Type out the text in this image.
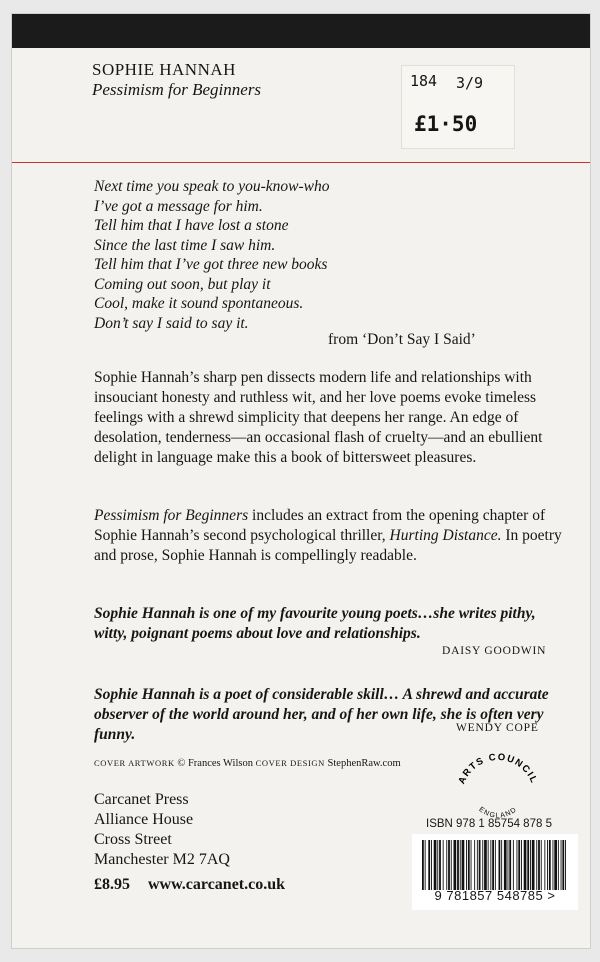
SOPHIE HANNAH
Pessimism for Beginners	184 3/9
£1·50
Next time you speak to you-know-who
I’ve got a message for him.
Tell him that I have lost a stone
Since the last time I saw him.
Tell him that I’ve got three new books
Coming out soon, but play it
Cool, make it sound spontaneous.
Don’t say I said to say it.
from ‘Don’t Say I Said’
Sophie Hannah’s sharp pen dissects modern life and relationships with insouciant honesty and ruthless wit, and her love poems evoke timeless feelings with a shrewd simplicity that deepens her range. An edge of desolation, tenderness—an occasional flash of cruelty—and an ebullient delight in language make this a book of bittersweet pleasures.
Pessimism for Beginners includes an extract from the opening chapter of Sophie Hannah’s second psychological thriller, Hurting Distance. In poetry and prose, Sophie Hannah is compellingly readable.
Sophie Hannah is one of my favourite young poets…she writes pithy, witty, poignant poems about love and relationships.
DAISY GOODWIN
Sophie Hannah is a poet of considerable skill… A shrewd and accurate observer of the world around her, and of her own life, she is often very funny.	WENDY COPE
COVER ARTWORK © Frances Wilson COVER DESIGN StephenRaw.com
Carcanet Press
Alliance House
Cross Street
Manchester M2 7AQ
£8.95 www.carcanet.co.uk
ARTS COUNCIL
ENGLAND
ISBN 978 1 85754 878 5
9 781857 548785 >
